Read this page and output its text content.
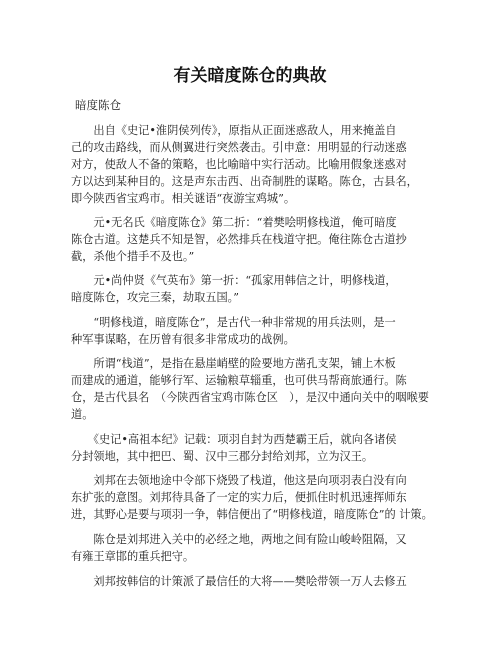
有关暗度陈仓的典故
暗度陈仓
　　出自《史记•淮阴侯列传》，原指从正面迷惑敌人，用来掩盖自
己的攻击路线，而从侧翼进行突然袭击。引申意：用明显的行动迷惑
对方，使敌人不备的策略，也比喻暗中实行活动。比喻用假象迷惑对
方以达到某种目的。这是声东击西、出奇制胜的谋略。陈仓，古县名，
即今陕西省宝鸡市。相关谜语“夜游宝鸡城”。
　　元•无名氏《暗度陈仓》第二折：“着樊哙明修栈道，俺可暗度
陈仓古道。这楚兵不知是智，必然排兵在栈道守把。俺往陈仓古道抄
截，杀他个措手不及也。”
　　元•尚仲贤《气英布》第一折：“孤家用韩信之计，明修栈道，
暗度陈仓，攻完三秦，劫取五国。”
　　“明修栈道，暗度陈仓”，是古代一种非常规的用兵法则，是一
种军事谋略，在历曾有很多非常成功的战例。
　　所谓“栈道”，是指在悬崖峭壁的险要地方凿孔支架，铺上木板
而建成的通道，能够行军、运输粮草辎重，也可供马帮商旅通行。陈
仓，是古代县名　（今陕西省宝鸡市陈仓区　），是汉中通向关中的咽喉要
道。
　　《史记•高祖本纪》记载：项羽自封为西楚霸王后，就向各诸侯
分封领地，其中把巴、蜀、汉中三郡分封给刘邦，立为汉王。
　　刘邦在去领地途中令部下烧毁了栈道，他这是向项羽表白没有向
东扩张的意图。刘邦待具备了一定的实力后，便抓住时机迅速挥师东
进，其野心是要与项羽一争，韩信便出了“明修栈道，暗度陈仓”的 计策。
　　陈仓是刘邦进入关中的必经之地，两地之间有险山峻岭阻隔，又
有雍王章邯的重兵把守。
　　刘邦按韩信的计策派了最信任的大将——樊哙带领一万人去修五
